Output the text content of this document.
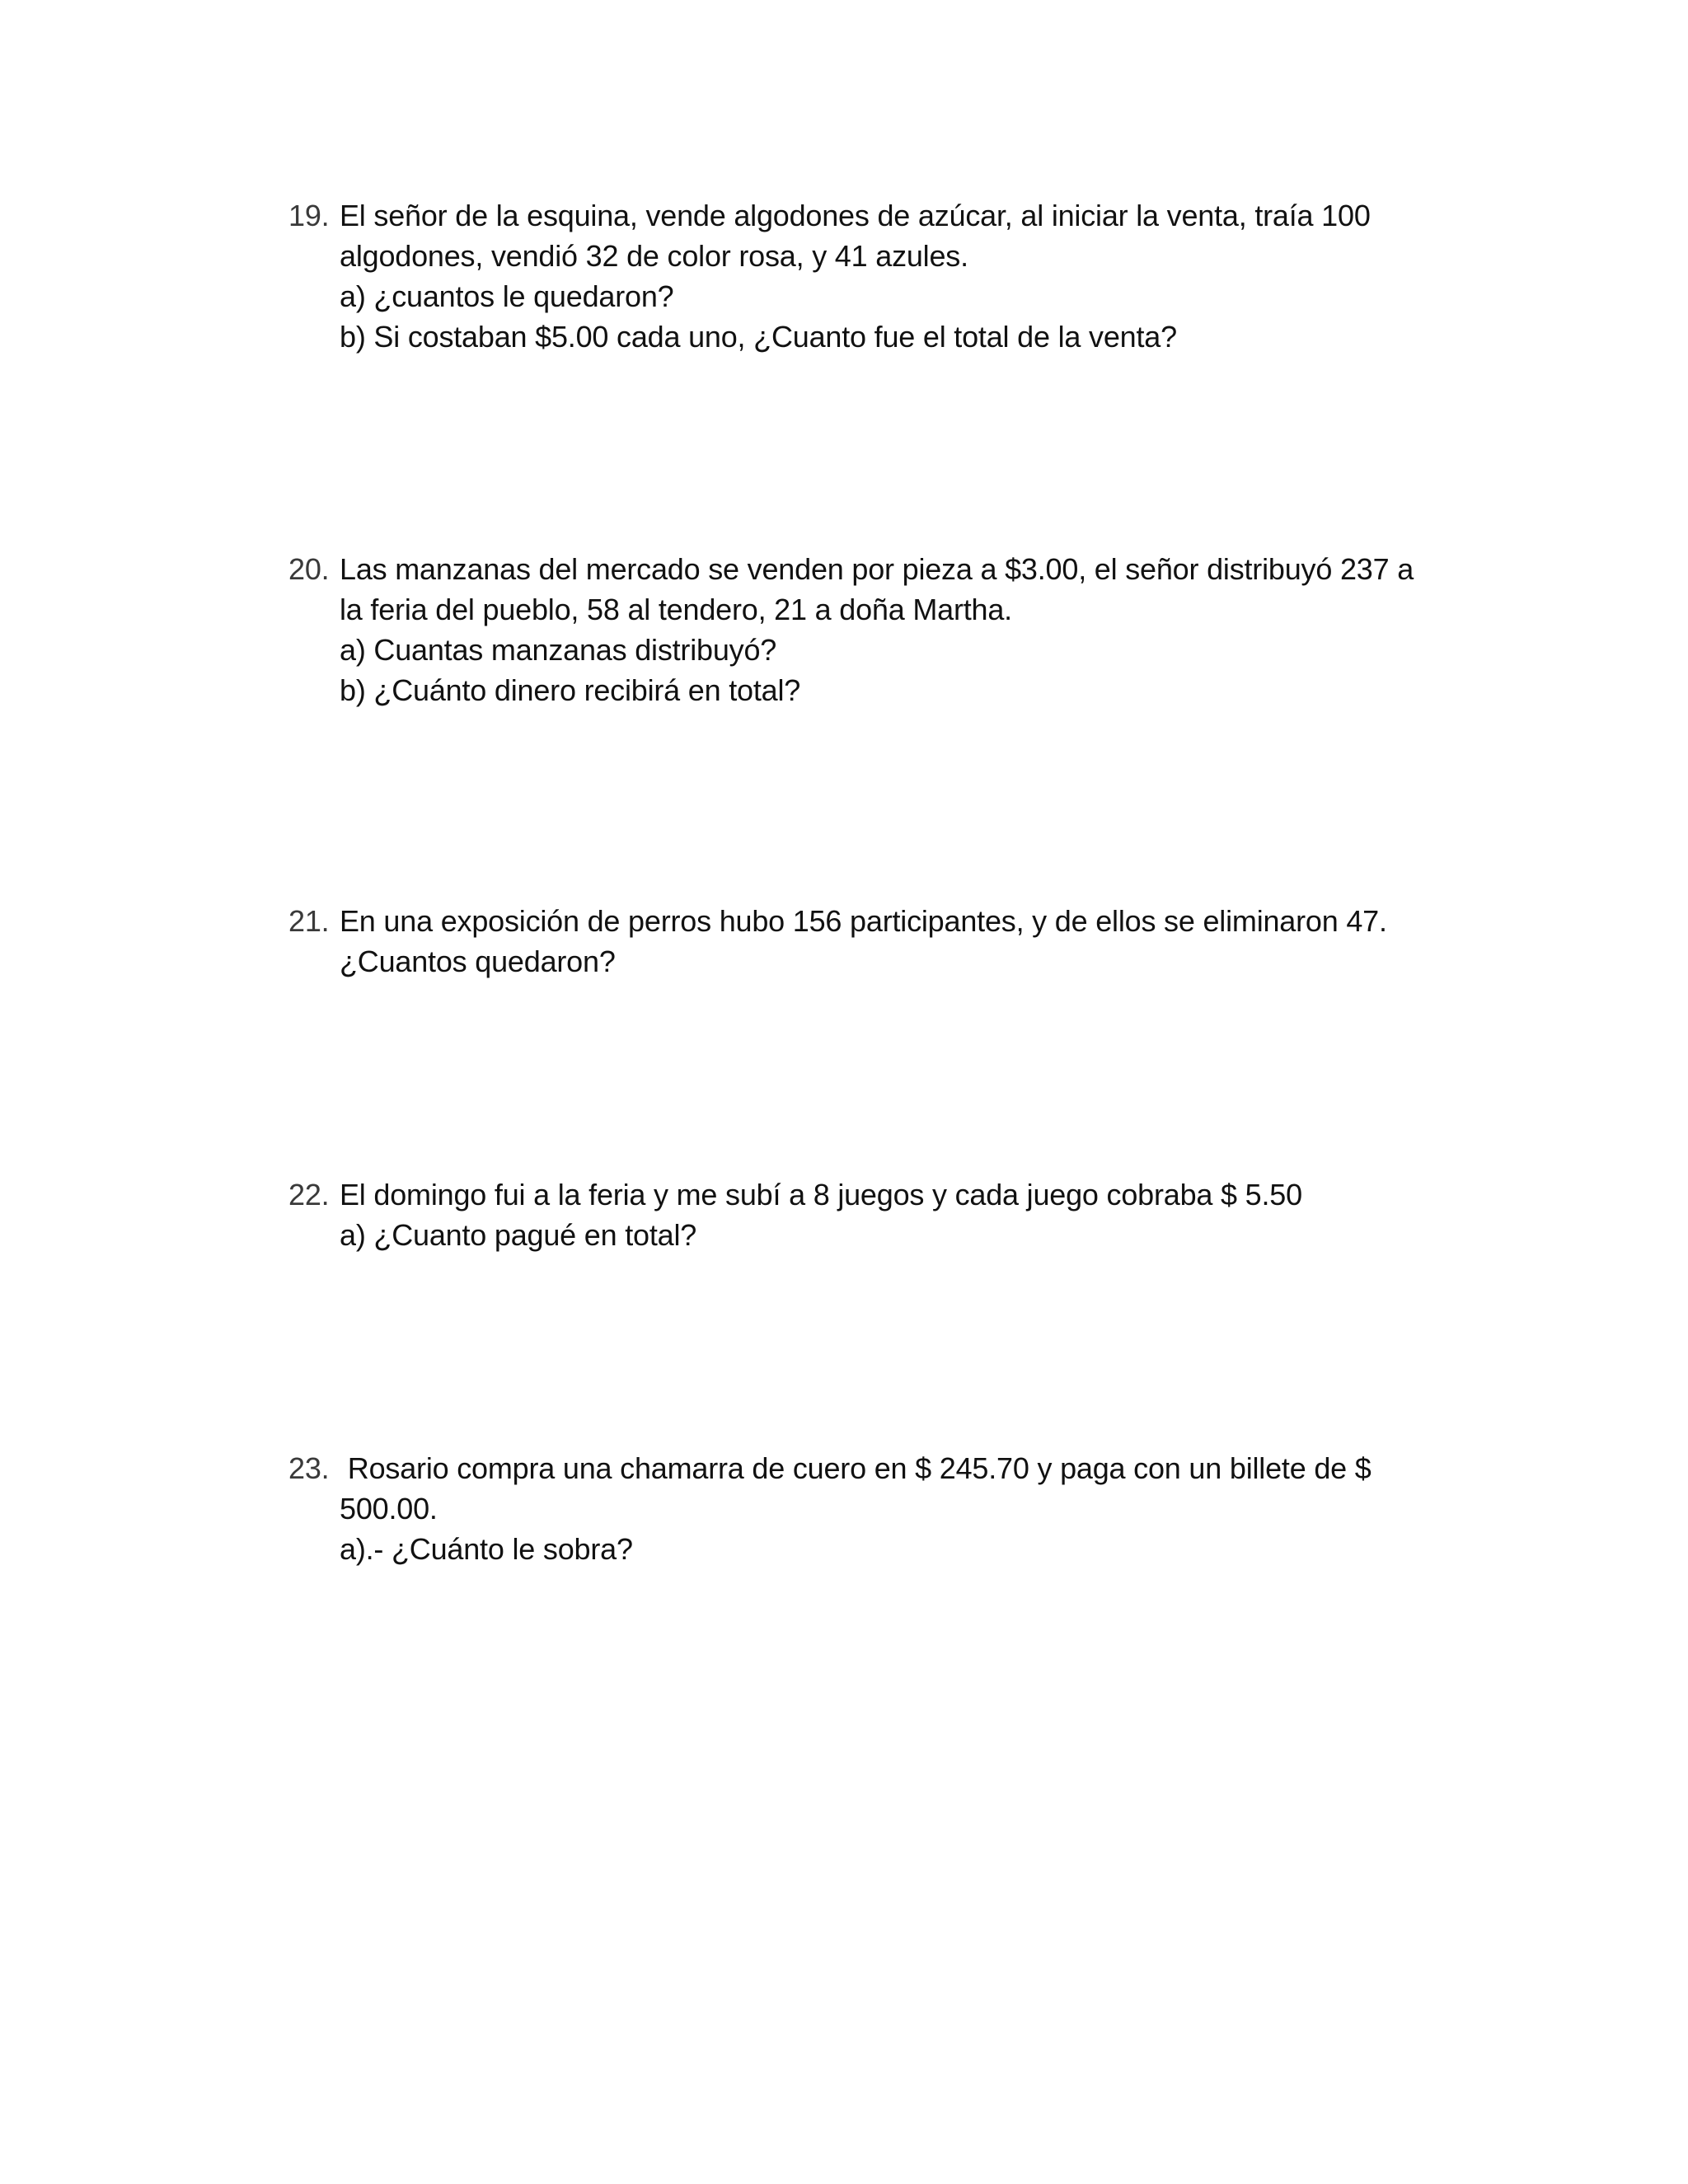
19. El señor de la esquina, vende algodones de azúcar, al iniciar la venta, traía 100
algodones, vendió 32 de color rosa, y 41 azules.
a) ¿cuantos le quedaron?
b) Si costaban $5.00 cada uno, ¿Cuanto fue el total de la venta?
20. Las manzanas del mercado se venden por pieza a $3.00, el señor distribuyó 237 a
la feria del pueblo, 58 al tendero, 21 a doña Martha.
a) Cuantas manzanas distribuyó?
b) ¿Cuánto dinero recibirá en total?
21. En una exposición de perros hubo 156 participantes, y de ellos se eliminaron 47.
¿Cuantos quedaron?
22. El domingo fui a la feria y me subí a 8 juegos y cada juego cobraba $ 5.50
a) ¿Cuanto pagué en total?
23. Rosario compra una chamarra de cuero en $ 245.70 y paga con un billete de $
500.00.
a).- ¿Cuánto le sobra?
